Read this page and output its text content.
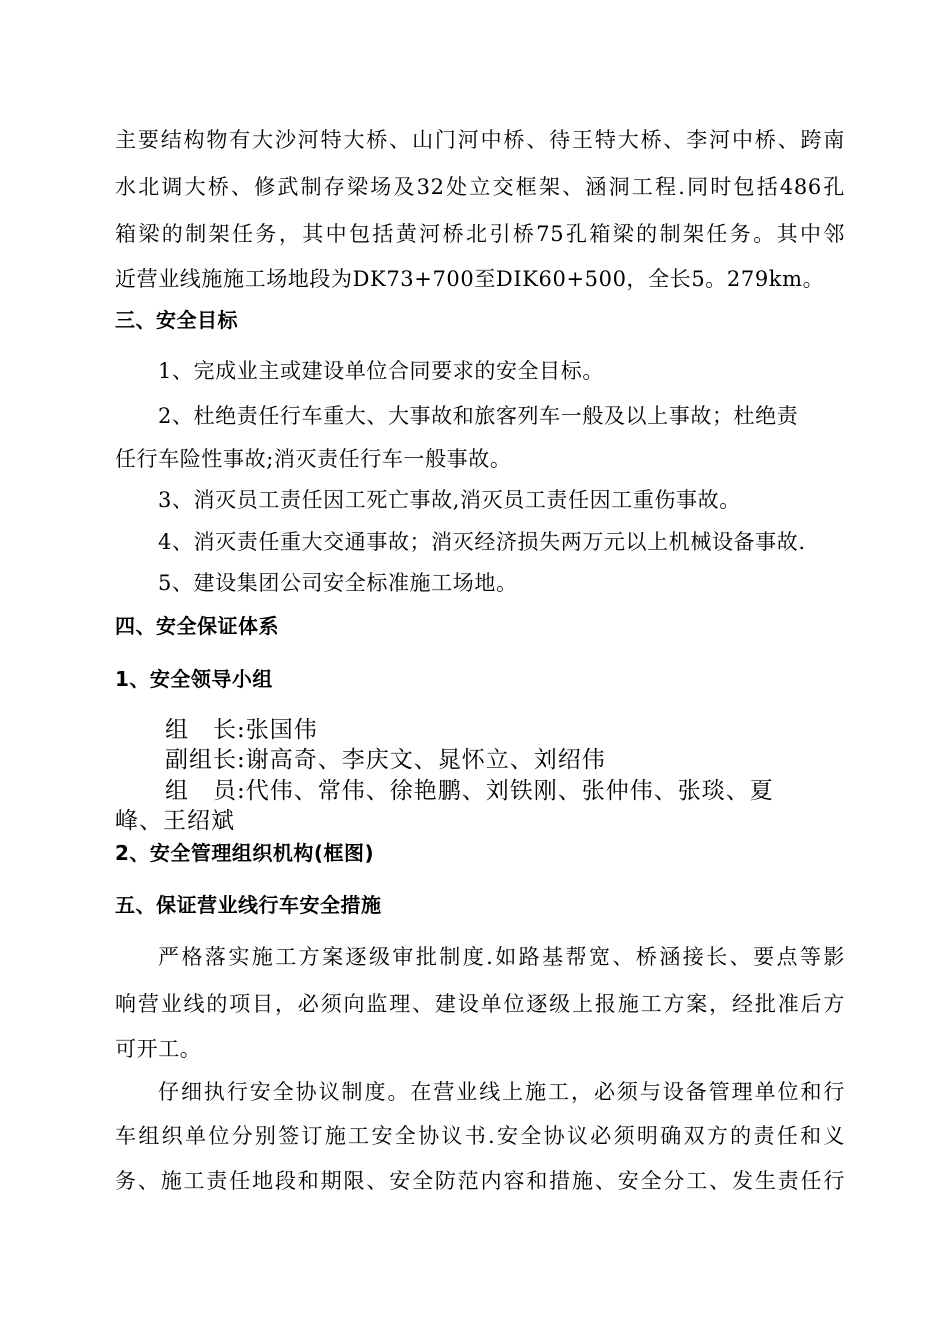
主要结构物有大沙河特大桥、山门河中桥、待王特大桥、李河中桥、跨南
水北调大桥、修武制存梁场及32处立交框架、涵洞工程.同时包括486孔
箱梁的制架任务，其中包括黄河桥北引桥75孔箱梁的制架任务。其中邻
近营业线施施工场地段为DK73+700至DIK60+500，全长5。279km。
三、安全目标
1、完成业主或建设单位合同要求的安全目标。
2、杜绝责任行车重大、大事故和旅客列车一般及以上事故；杜绝责
任行车险性事故;消灭责任行车一般事故。
3、消灭员工责任因工死亡事故,消灭员工责任因工重伤事故。
4、消灭责任重大交通事故；消灭经济损失两万元以上机械设备事故.
5、建设集团公司安全标准施工场地。
四、安全保证体系
1、安全领导小组
组　长:张国伟
副组长:谢高奇、李庆文、晁怀立、刘绍伟
组　员:代伟、常伟、徐艳鹏、刘铁刚、张仲伟、张琰、夏
峰、王绍斌
2、安全管理组织机构(框图)
五、保证营业线行车安全措施
严格落实施工方案逐级审批制度.如路基帮宽、桥涵接长、要点等影
响营业线的项目，必须向监理、建设单位逐级上报施工方案，经批准后方
可开工。
仔细执行安全协议制度。在营业线上施工，必须与设备管理单位和行
车组织单位分别签订施工安全协议书.安全协议必须明确双方的责任和义
务、施工责任地段和期限、安全防范内容和措施、安全分工、发生责任行
